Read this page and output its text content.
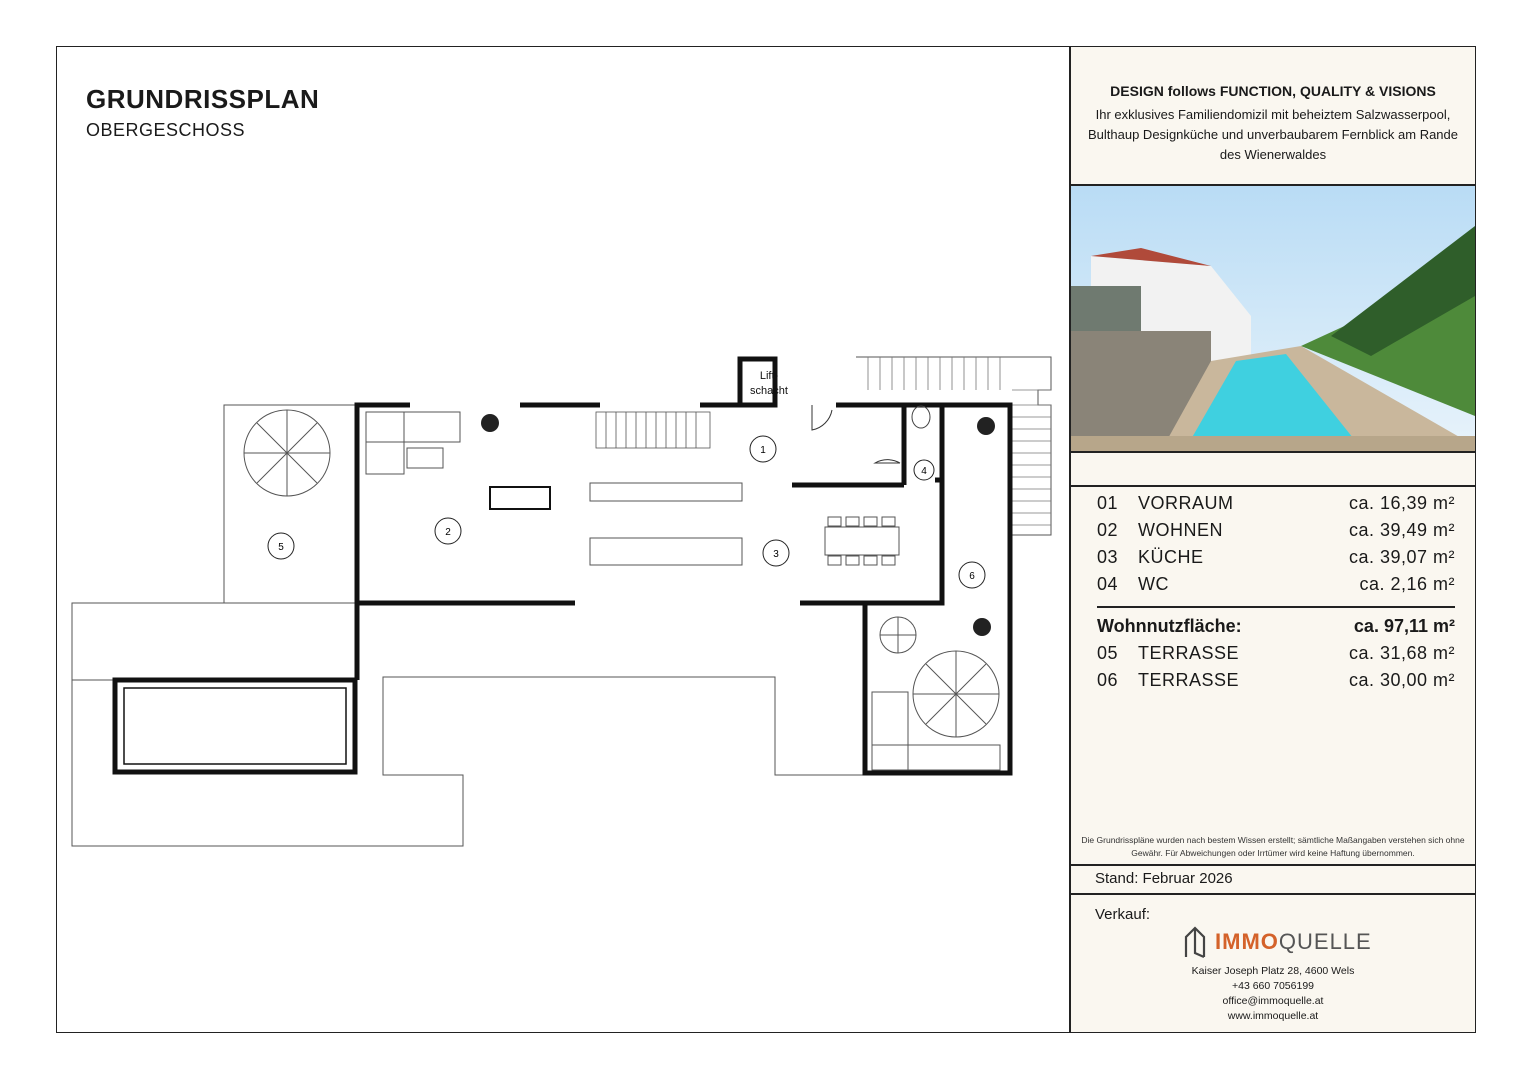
GRUNDRISSPLAN
OBERGESCHOSS
Lift-
schacht
1
2
3
4
5
6
DESIGN follows FUNCTION, QUALITY & VISIONS
Ihr exklusives Familiendomizil mit beheiztem Salzwasserpool, Bulthaup Designküche und unverbaubarem Fernblick am Rande des Wienerwaldes
01 VORRAUM	ca. 16,39 m²
02 WOHNEN	ca. 39,49 m²
03 KÜCHE	ca. 39,07 m²
04 WC	ca. 2,16 m²
Wohnnutzfläche:	ca. 97,11 m²
05 TERRASSE	ca. 31,68 m²
06 TERRASSE	ca. 30,00 m²
Die Grundrisspläne wurden nach bestem Wissen erstellt; sämtliche Maßangaben verstehen sich ohne Gewähr. Für Abweichungen oder Irrtümer wird keine Haftung übernommen.
Stand: Februar 2026
Verkauf:
IMMOQUELLE
Kaiser Joseph Platz 28, 4600 Wels
+43 660 7056199
office@immoquelle.at
www.immoquelle.at
